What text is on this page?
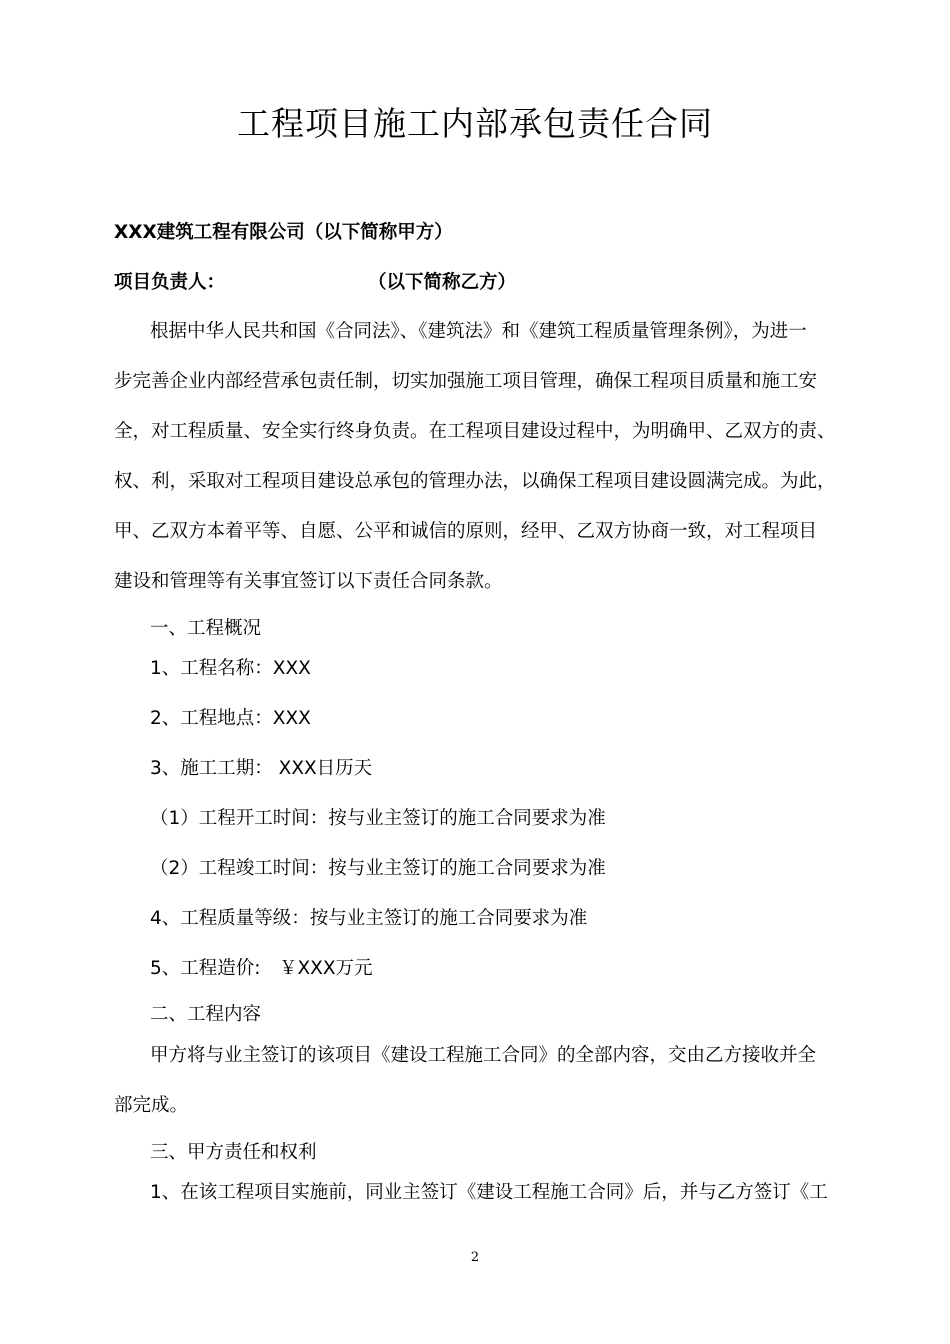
工程项目施工内部承包责任合同
XXX建筑工程有限公司（以下简称甲方）
项目负责人：	（以下简称乙方）
根据中华人民共和国《合同法》、《建筑法》和《建筑工程质量管理条例》，为进一
步完善企业内部经营承包责任制，切实加强施工项目管理，确保工程项目质量和施工安
全，对工程质量、安全实行终身负责。在工程项目建设过程中，为明确甲、乙双方的责、
权、利，采取对工程项目建设总承包的管理办法，以确保工程项目建设圆满完成。为此，
甲、乙双方本着平等、自愿、公平和诚信的原则，经甲、乙双方协商一致，对工程项目
建设和管理等有关事宜签订以下责任合同条款。
一、工程概况
1、工程名称：XXX
2、工程地点：XXX
3、施工工期： XXX日历天
（1）工程开工时间：按与业主签订的施工合同要求为准
（2）工程竣工时间：按与业主签订的施工合同要求为准
4、工程质量等级：按与业主签订的施工合同要求为准
5、工程造价:　￥XXX万元
二、工程内容
甲方将与业主签订的该项目《建设工程施工合同》的全部内容，交由乙方接收并全
部完成。
三、甲方责任和权利
1、在该工程项目实施前，同业主签订《建设工程施工合同》后，并与乙方签订《工
2
